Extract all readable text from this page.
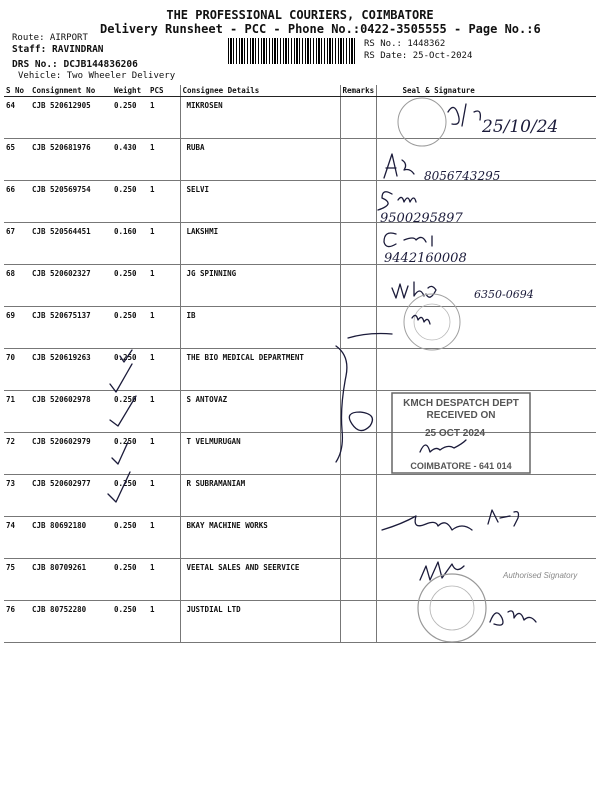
THE PROFESSIONAL COURIERS, COIMBATORE
Delivery Runsheet - PCC - Phone No.:0422-3505555 - Page No.:6
Route: AIRPORT
Staff: RAVINDRAN
DRS No.: DCJB144836206
Vehicle: Two Wheeler Delivery
RS No.: 1448362
RS Date: 25-Oct-2024
S No	Consignment No	Weight	PCS	Consignee Details	Remarks	Seal & Signature
64	CJB 520612905	0.250	1	MIKROSEN		
65	CJB 520681976	0.430	1	RUBA		
66	CJB 520569754	0.250	1	SELVI		
67	CJB 520564451	0.160	1	LAKSHMI		
68	CJB 520602327	0.250	1	JG SPINNING		
69	CJB 520675137	0.250	1	IB		
70	CJB 520619263	0.250	1	THE BIO MEDICAL DEPARTMENT		
71	CJB 520602978	0.250	1	S ANTOVAZ		
72	CJB 520602979	0.250	1	T VELMURUGAN		
73	CJB 520602977	0.250	1	R SUBRAMANIAM		
74	CJB 80692180	0.250	1	BKAY MACHINE WORKS		
75	CJB 80709261	0.250	1	VEETAL SALES AND SEERVICE		
76	CJB 80752280	0.250	1	JUSTDIAL LTD		
25/10/24
8056743295
9500295897
9442160008
6350-0694
KMCH DESPATCH DEPT
RECEIVED ON
25 OCT 2024
COIMBATORE - 641 014
Authorised Signatory
